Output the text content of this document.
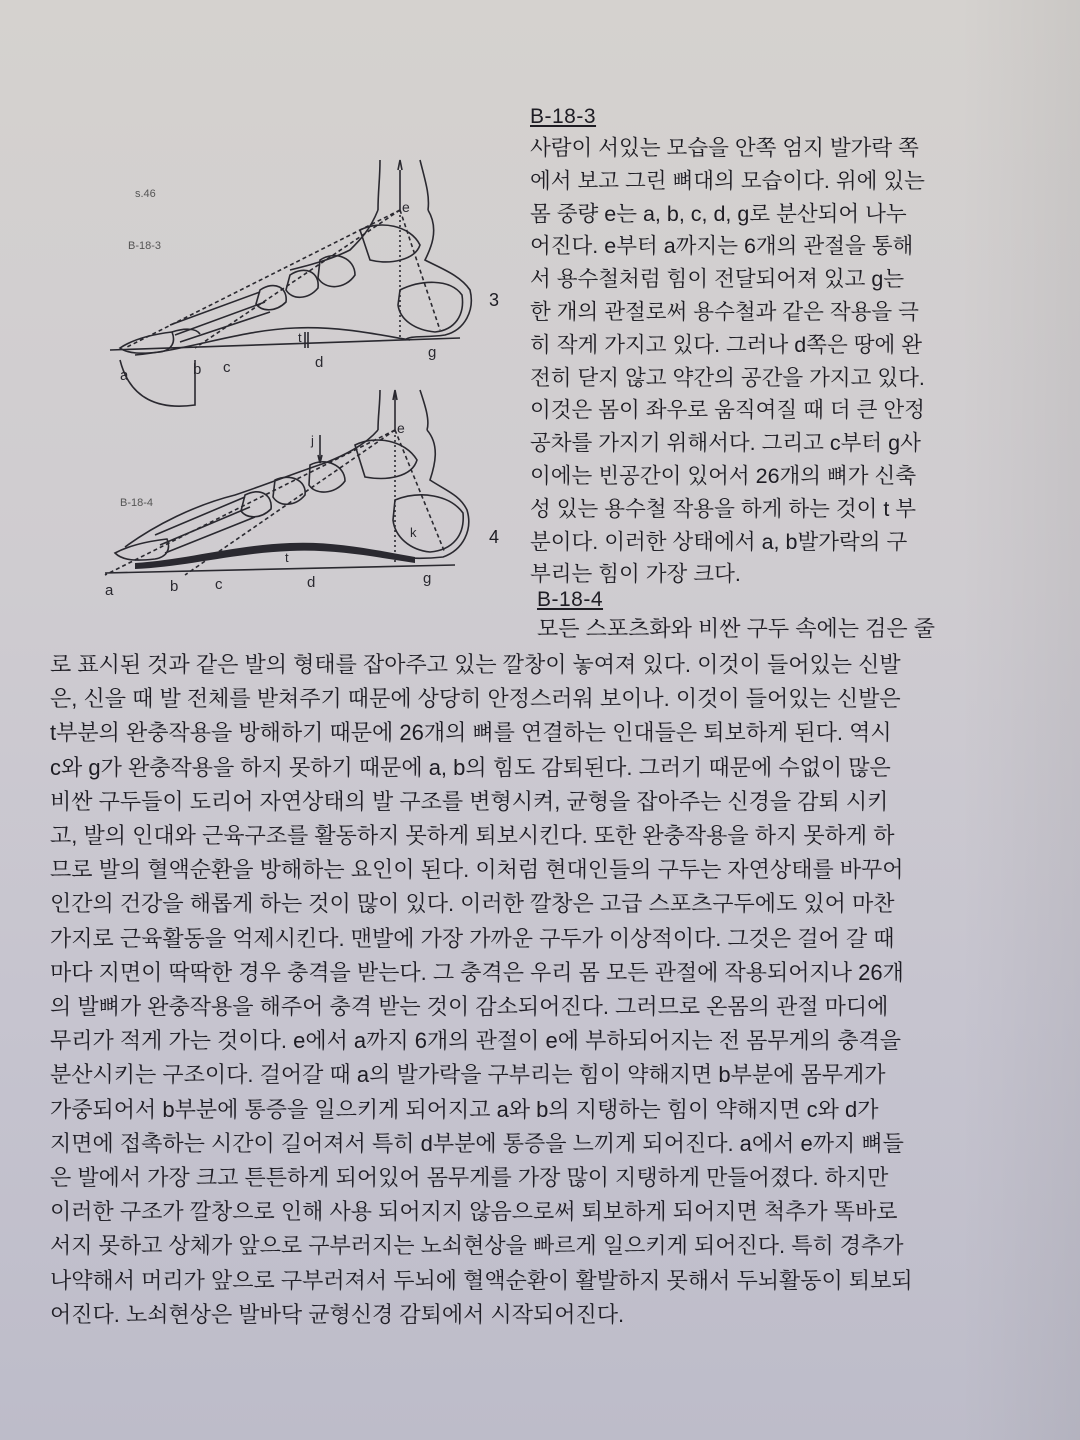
s.46
B-18-3
3
e
a	b c
t
d
g
B-18-4
4
e
j
k
a	b c
t
d	g
B-18-3
사람이 서있는 모습을 안쪽 엄지 발가락 쪽
에서 보고 그린 뼈대의 모습이다. 위에 있는
몸 중량 e는 a, b, c, d, g로 분산되어 나누
어진다. e부터 a까지는 6개의 관절을 통해
서 용수철처럼 힘이 전달되어져 있고 g는
한 개의 관절로써 용수철과 같은 작용을 극
히 작게 가지고 있다. 그러나 d쪽은 땅에 완
전히 닫지 않고 약간의 공간을 가지고 있다.
이것은 몸이 좌우로 움직여질 때 더 큰 안정
공차를 가지기 위해서다. 그리고 c부터 g사
이에는 빈공간이 있어서 26개의 뼈가 신축
성 있는 용수철 작용을 하게 하는 것이 t 부
분이다. 이러한 상태에서 a, b발가락의 구
부리는 힘이 가장 크다.
B-18-4
모든 스포츠화와 비싼 구두 속에는 검은 줄
로 표시된 것과 같은 발의 형태를 잡아주고 있는 깔창이 놓여져 있다. 이것이 들어있는 신발
은, 신을 때 발 전체를 받쳐주기 때문에 상당히 안정스러워 보이나. 이것이 들어있는 신발은
t부분의 완충작용을 방해하기 때문에 26개의 뼈를 연결하는 인대들은 퇴보하게 된다. 역시
c와 g가 완충작용을 하지 못하기 때문에 a, b의 힘도 감퇴된다. 그러기 때문에 수없이 많은
비싼 구두들이 도리어 자연상태의 발 구조를 변형시켜, 균형을 잡아주는 신경을 감퇴 시키
고, 발의 인대와 근육구조를 활동하지 못하게 퇴보시킨다. 또한 완충작용을 하지 못하게 하
므로 발의 혈액순환을 방해하는 요인이 된다. 이처럼 현대인들의 구두는 자연상태를 바꾸어
인간의 건강을 해롭게 하는 것이 많이 있다. 이러한 깔창은 고급 스포츠구두에도 있어 마찬
가지로 근육활동을 억제시킨다. 맨발에 가장 가까운 구두가 이상적이다. 그것은 걸어 갈 때
마다 지면이 딱딱한 경우 충격을 받는다. 그 충격은 우리 몸 모든 관절에 작용되어지나 26개
의 발뼈가 완충작용을 해주어 충격 받는 것이 감소되어진다. 그러므로 온몸의 관절 마디에
무리가 적게 가는 것이다. e에서 a까지 6개의 관절이 e에 부하되어지는 전 몸무게의 충격을
분산시키는 구조이다. 걸어갈 때 a의 발가락을 구부리는 힘이 약해지면 b부분에 몸무게가
가중되어서 b부분에 통증을 일으키게 되어지고 a와 b의 지탱하는 힘이 약해지면 c와 d가
지면에 접촉하는 시간이 길어져서 특히 d부분에 통증을 느끼게 되어진다. a에서 e까지 뼈들
은 발에서 가장 크고 튼튼하게 되어있어 몸무게를 가장 많이 지탱하게 만들어졌다. 하지만
이러한 구조가 깔창으로 인해 사용 되어지지 않음으로써 퇴보하게 되어지면 척추가 똑바로
서지 못하고 상체가 앞으로 구부러지는 노쇠현상을 빠르게 일으키게 되어진다. 특히 경추가
나약해서 머리가 앞으로 구부러져서 두뇌에 혈액순환이 활발하지 못해서 두뇌활동이 퇴보되
어진다. 노쇠현상은 발바닥 균형신경 감퇴에서 시작되어진다.
